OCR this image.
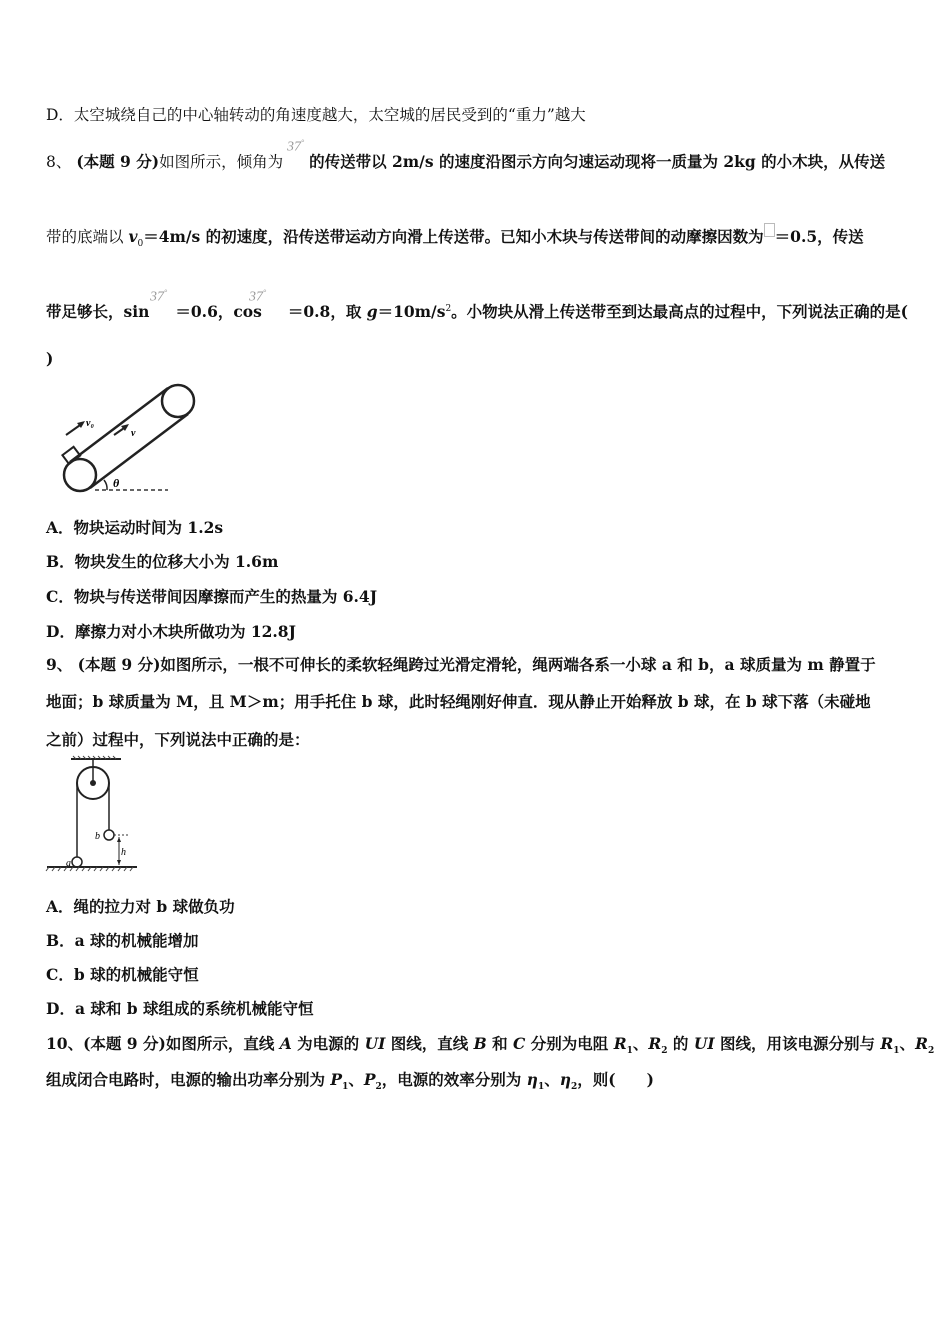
D．太空城绕自己的中心轴转动的角速度越大，太空城的居民受到的“重力”越大
8、 (本题 9 分)如图所示，倾角为 的传送带以 2m/s 的速度沿图示方向匀速运动现将一质量为 2kg 的小木块，从传送
37°
带的底端以 $v_0=4m/s$ 的初速度，沿传送带运动方向滑上传送带。已知小木块与传送带间的动摩擦因数为 ＝0.5，传送
带足够长，sin ＝0.6，cos ＝0.8，取 $g=10m/s^2$。小物块从滑上传送带至到达最高点的过程中，下列说法正确的是(
37°	37°
)
v₀
v
θ
A．物块运动时间为 1.2s
B．物块发生的位移大小为 1.6m
C．物块与传送带间因摩擦而产生的热量为 6.4J
D．摩擦力对小木块所做功为 12.8J
9、 (本题 9 分)如图所示，一根不可伸长的柔软轻绳跨过光滑定滑轮，绳两端各系一小球 a 和 b，a 球质量为 m 静置于
地面；b 球质量为 M，且 M＞m；用手托住 b 球，此时轻绳刚好伸直．现从静止开始释放 b 球，在 b 球下落（未碰地
之前）过程中，下列说法中正确的是：
a
b
h
A．绳的拉力对 b 球做负功
B．a 球的机械能增加
C．b 球的机械能守恒
D．a 球和 b 球组成的系统机械能守恒
10、(本题 9 分)如图所示，直线 A 为电源的 UI 图线，直线 B 和 C 分别为电阻 $R_1$、$R_2$ 的 UI 图线，用该电源分别与 $R_1$、$R_2$
组成闭合电路时，电源的输出功率分别为 $P_1$、$P_2$，电源的效率分别为 $\eta_1$、$\eta_2$，则(　　)
